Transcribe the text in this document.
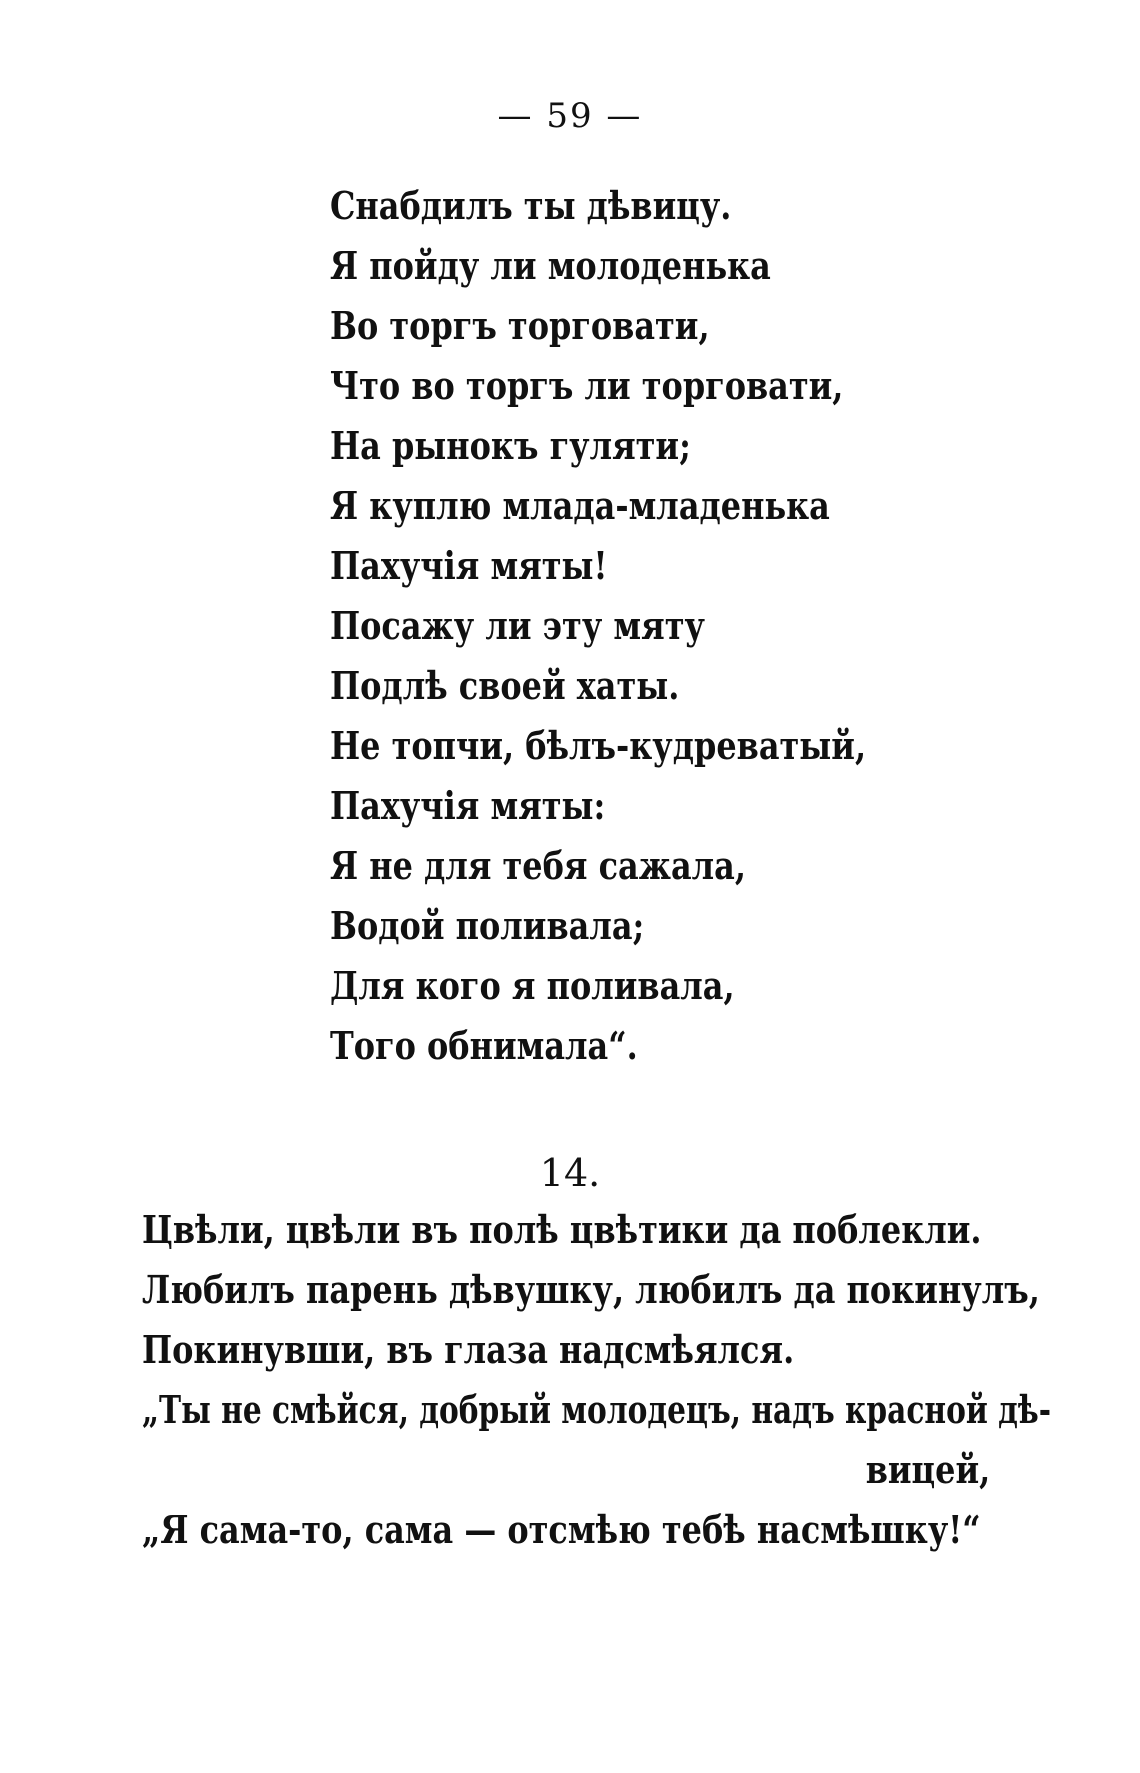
— 59 —
Снабдилъ ты дѣвицу.
Я пойду ли молоденька
Во торгъ торговати,
Что во торгъ ли торговати,
На рынокъ гуляти;
Я куплю млада-младенька
Пахучія мяты!
Посажу ли эту мяту
Подлѣ своей хаты.
Не топчи, бѣлъ-кудреватый,
Пахучія мяты:
Я не для тебя сажала,
Водой поливала;
Для кого я поливала,
Того обнимала“.
14.
Цвѣли, цвѣли въ полѣ цвѣтики да поблекли.
Любилъ парень дѣвушку, любилъ да покинулъ,
Покинувши, въ глаза надсмѣялся.
„Ты не смѣйся, добрый молодецъ, надъ красной дѣ-
вицей,
„Я сама-то, сама — отсмѣю тебѣ насмѣшку!“
